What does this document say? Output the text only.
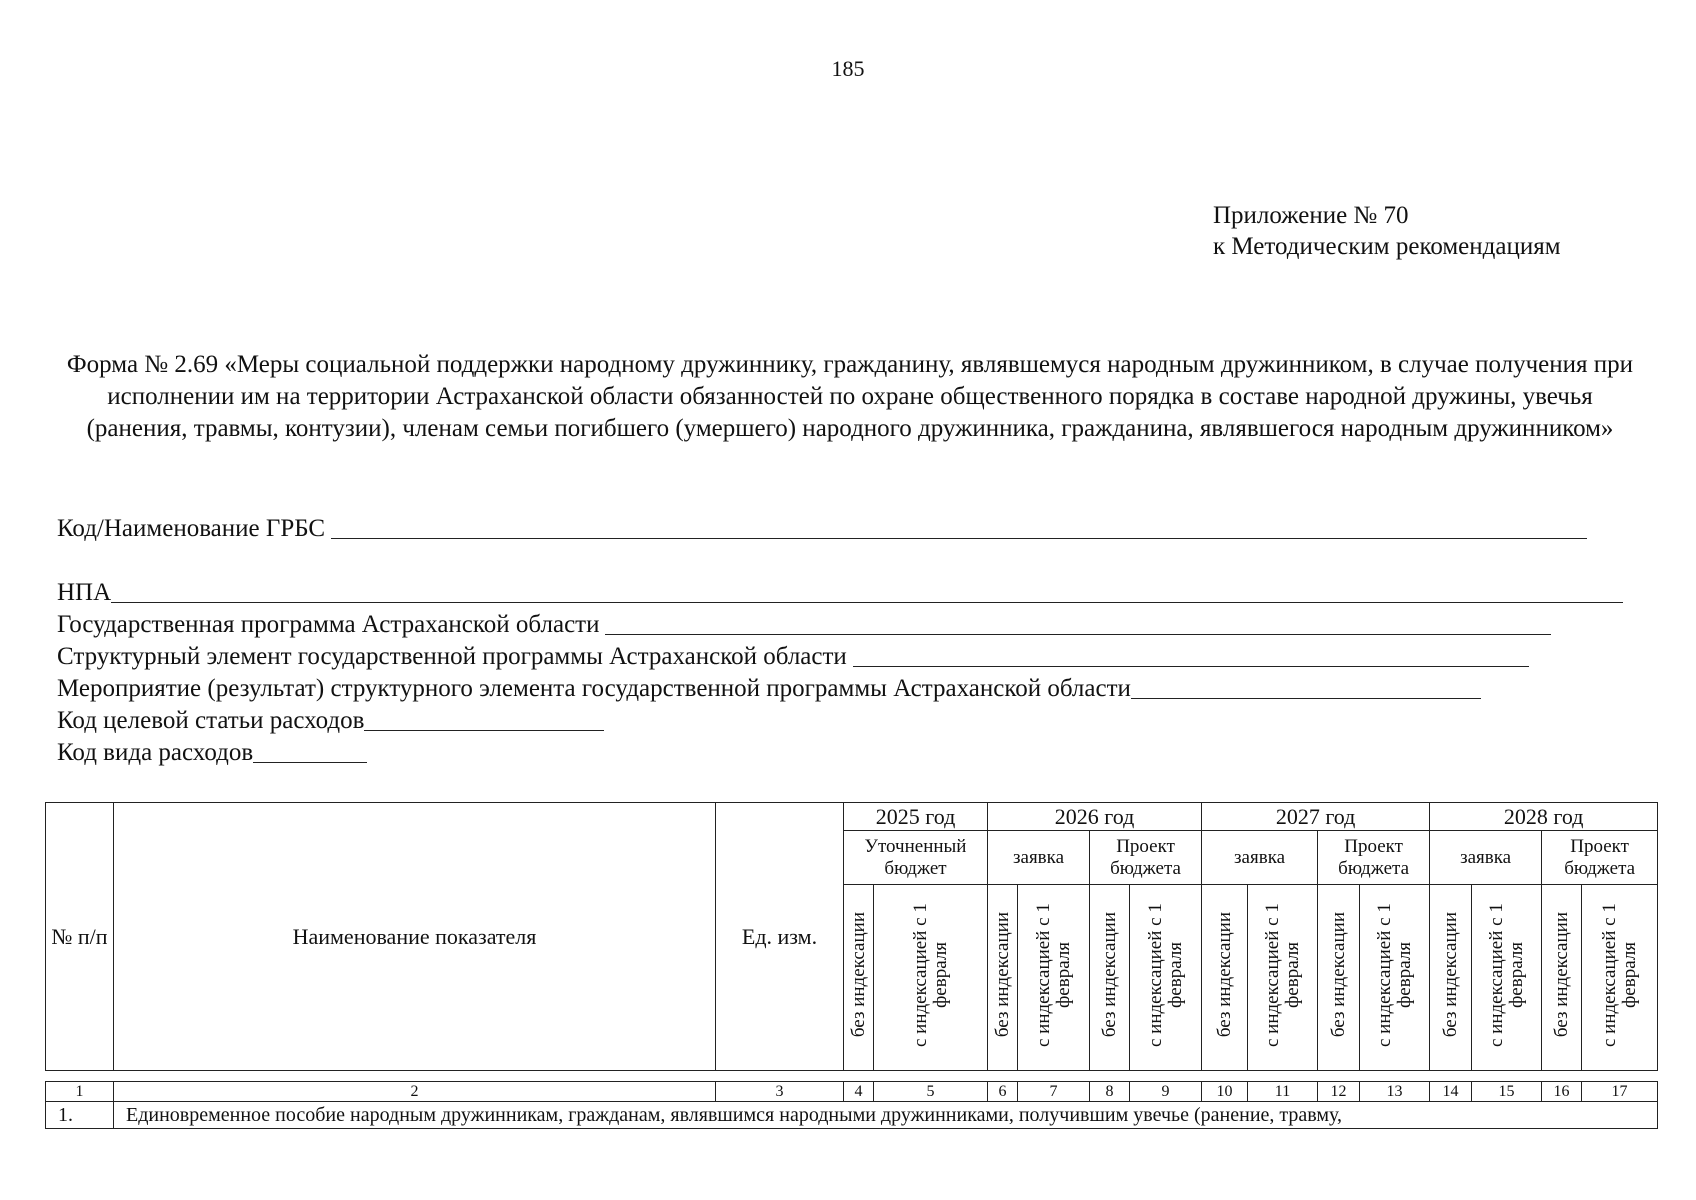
185
Приложение № 70
к Методическим рекомендациям
Форма № 2.69 «Меры социальной поддержки народному дружиннику, гражданину, являвшемуся народным дружинником, в случае получения при исполнении им на территории Астраханской области обязанностей по охране общественного порядка в составе народной дружины, увечья (ранения, травмы, контузии), членам семьи погибшего (умершего) народного дружинника, гражданина, являвшегося народным дружинником»
Код/Наименование ГРБС
НПА
Государственная программа Астраханской области
Структурный элемент государственной программы Астраханской области
Мероприятие (результат) структурного элемента государственной программы Астраханской области
Код целевой статьи расходов
Код вида расходов
№ п/п	Наименование показателя	Ед. изм.	2025 год		2026 год				2027 год				2028 год			
			Уточненный бюджет		заявка		Проект бюджета		заявка		Проект бюджета		заявка		Проект бюджета	
			без индексации	с индексацией с 1 февраля	без индексации	с индексацией с 1 февраля	без индексации	с индексацией с 1 февраля	без индексации	с индексацией с 1 февраля	без индексации	с индексацией с 1 февраля	без индексации	с индексацией с 1 февраля	без индексации	с индексацией с 1 февраля
1	2	3	4	5	6	7	8	9	10	11	12	13	14	15	16	17
1.	Единовременное пособие народным дружинникам, гражданам, являвшимся народными дружинниками, получившим увечье (ранение, травму,															
